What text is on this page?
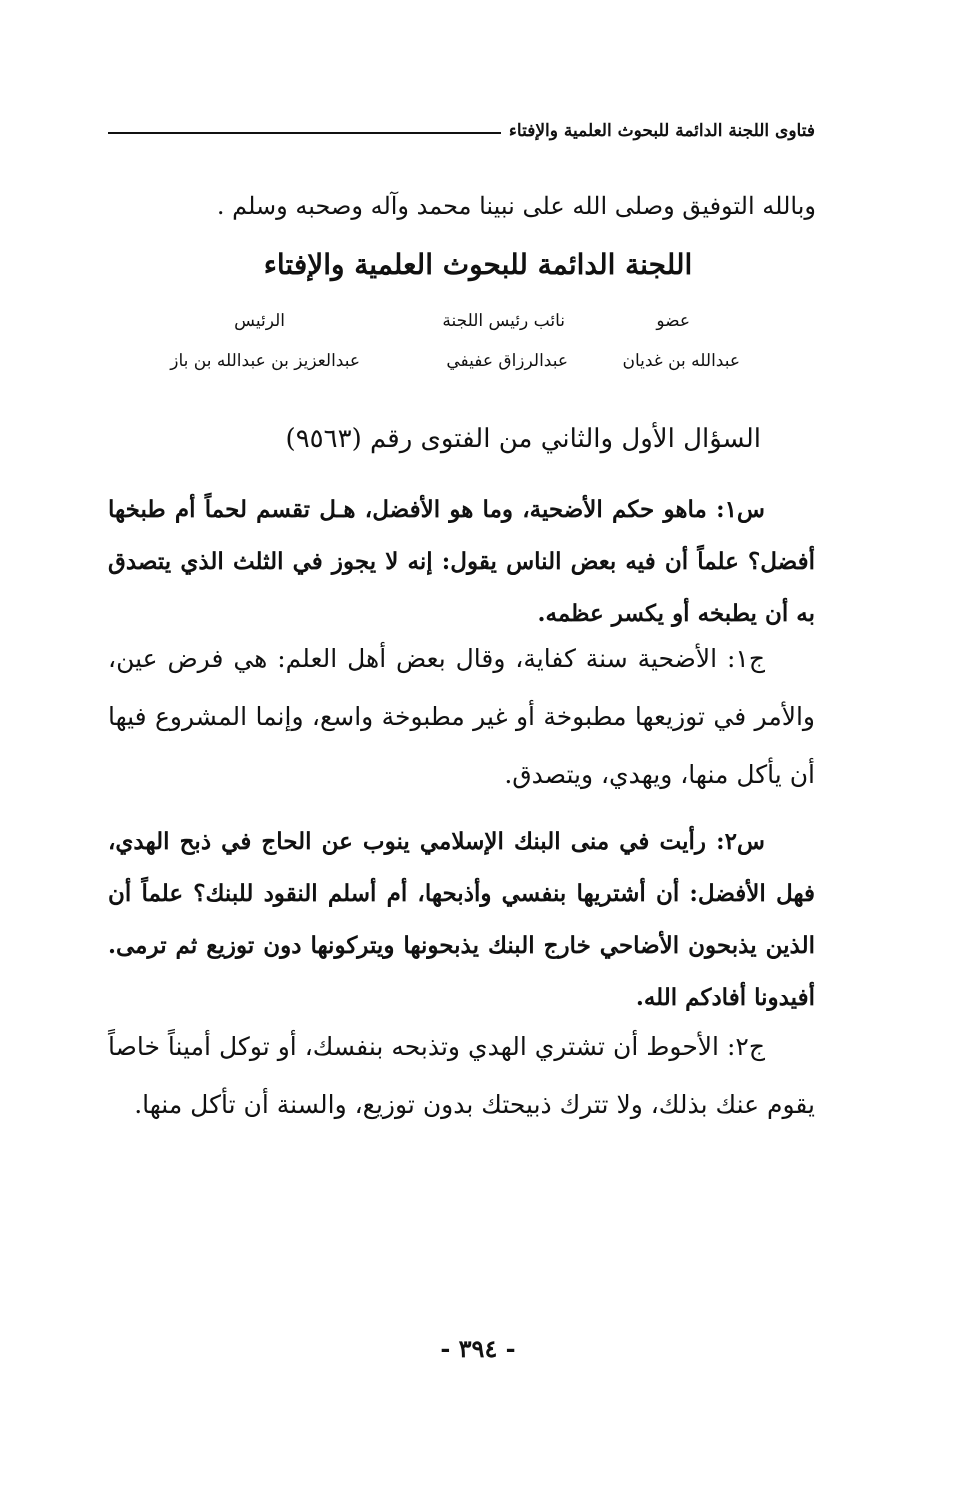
فتاوى اللجنة الدائمة للبحوث العلمية والإفتاء
وبالله التوفيق وصلى الله على نبينا محمد وآله وصحبه وسلم .
اللجنة الدائمة للبحوث العلمية والإفتاء
عضو
نائب رئيس اللجنة
الرئيس
عبدالله بن غديان
عبدالرزاق عفيفي
عبدالعزيز بن عبدالله بن باز
السؤال الأول والثاني من الفتوى رقم (٩٥٦٣)
س١: ماهو حكم الأضحية، وما هو الأفضل، هـل تقسم لحماً أم طبخها أفضل؟ علماً أن فيه بعض الناس يقول: إنه لا يجوز في الثلث الذي يتصدق به أن يطبخه أو يكسر عظمه.
ج١: الأضحية سنة كفاية، وقال بعض أهل العلم: هي فرض عين، والأمر في توزيعها مطبوخة أو غير مطبوخة واسع، وإنما المشروع فيها أن يأكل منها، ويهدي، ويتصدق.
س٢: رأيت في منى البنك الإسلامي ينوب عن الحاج في ذبح الهدي، فهل الأفضل: أن أشتريها بنفسي وأذبحها، أم أسلم النقود للبنك؟ علماً أن الذين يذبحون الأضاحي خارج البنك يذبحونها ويتركونها دون توزيع ثم ترمى. أفيدونا أفادكم الله.
ج٢: الأحوط أن تشتري الهدي وتذبحه بنفسك، أو توكل أميناً خاصاً يقوم عنك بذلك، ولا تترك ذبيحتك بدون توزيع، والسنة أن تأكل منها.
- ٣٩٤ -
